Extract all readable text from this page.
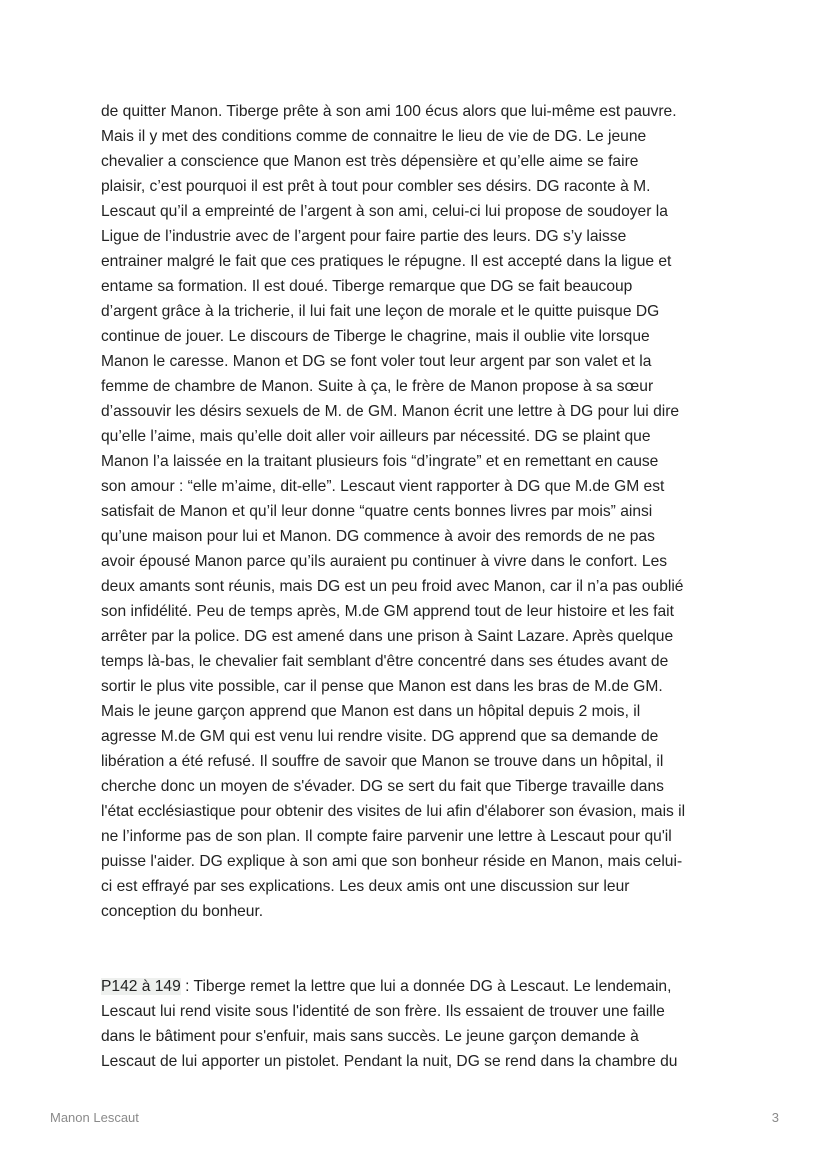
de quitter Manon. Tiberge prête à son ami 100 écus alors que lui-même est pauvre.
Mais il y met des conditions comme de connaitre le lieu de vie de DG. Le jeune
chevalier a conscience que Manon est très dépensière et qu’elle aime se faire
plaisir, c’est pourquoi il est prêt à tout pour combler ses désirs. DG raconte à M.
Lescaut qu’il a empreinté de l’argent à son ami, celui-ci lui propose de soudoyer la
Ligue de l’industrie avec de l’argent pour faire partie des leurs. DG s’y laisse
entrainer malgré le fait que ces pratiques le répugne. Il est accepté dans la ligue et
entame sa formation. Il est doué. Tiberge remarque que DG se fait beaucoup
d’argent grâce à la tricherie, il lui fait une leçon de morale et le quitte puisque DG
continue de jouer. Le discours de Tiberge le chagrine, mais il oublie vite lorsque
Manon le caresse. Manon et DG se font voler tout leur argent par son valet et la
femme de chambre de Manon. Suite à ça, le frère de Manon propose à sa sœur
d’assouvir les désirs sexuels de M. de GM. Manon écrit une lettre à DG pour lui dire
qu’elle l’aime, mais qu’elle doit aller voir ailleurs par nécessité. DG se plaint que
Manon l’a laissée en la traitant plusieurs fois “d’ingrate” et en remettant en cause
son amour : “elle m’aime, dit-elle”. Lescaut vient rapporter à DG que M.de GM est
satisfait de Manon et qu’il leur donne “quatre cents bonnes livres par mois” ainsi
qu’une maison pour lui et Manon. DG commence à avoir des remords de ne pas
avoir épousé Manon parce qu’ils auraient pu continuer à vivre dans le confort. Les
deux amants sont réunis, mais DG est un peu froid avec Manon, car il n’a pas oublié
son infidélité. Peu de temps après, M.de GM apprend tout de leur histoire et les fait
arrêter par la police. DG est amené dans une prison à Saint Lazare. Après quelque
temps là-bas, le chevalier fait semblant d'être concentré dans ses études avant de
sortir le plus vite possible, car il pense que Manon est dans les bras de M.de GM.
Mais le jeune garçon apprend que Manon est dans un hôpital depuis 2 mois, il
agresse M.de GM qui est venu lui rendre visite. DG apprend que sa demande de
libération a été refusé. Il souffre de savoir que Manon se trouve dans un hôpital, il
cherche donc un moyen de s'évader. DG se sert du fait que Tiberge travaille dans
l'état ecclésiastique pour obtenir des visites de lui afin d'élaborer son évasion, mais il
ne l’informe pas de son plan. Il compte faire parvenir une lettre à Lescaut pour qu'il
puisse l'aider. DG explique à son ami que son bonheur réside en Manon, mais celui-
ci est effrayé par ses explications. Les deux amis ont une discussion sur leur
conception du bonheur.

P142 à 149 : Tiberge remet la lettre que lui a donnée DG à Lescaut. Le lendemain,
Lescaut lui rend visite sous l'identité de son frère. Ils essaient de trouver une faille
dans le bâtiment pour s'enfuir, mais sans succès. Le jeune garçon demande à
Lescaut de lui apporter un pistolet. Pendant la nuit, DG se rend dans la chambre du

Manon Lescaut	3
